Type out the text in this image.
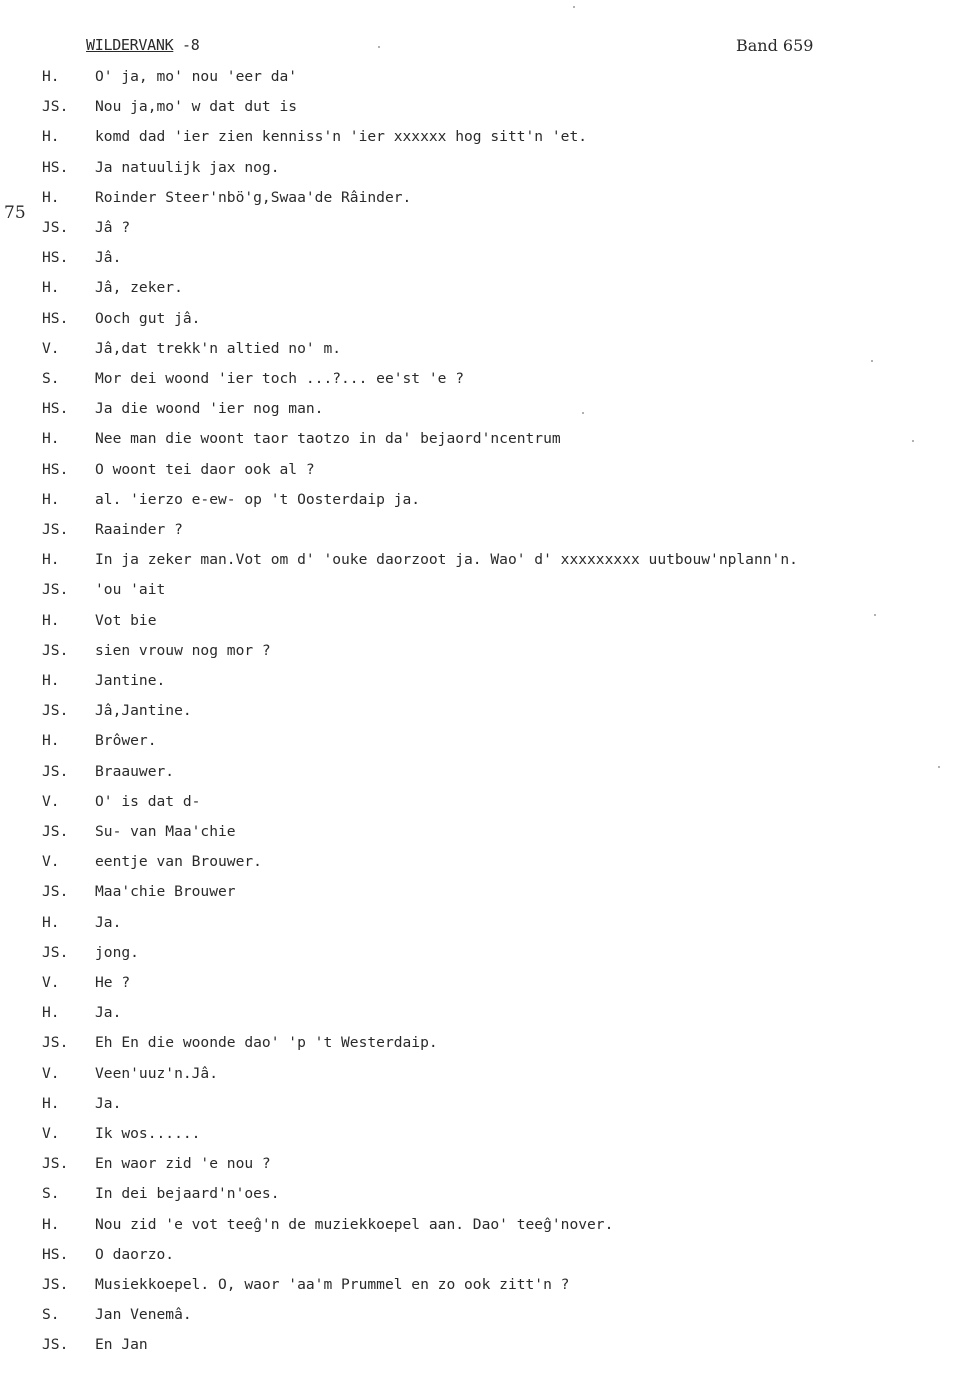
WILDERVANK -8	Band 659
75
H. O' ja, mo' nou 'eer da'
JS. Nou ja,mo' w dat dut is
H. komd dad 'ier zien kenniss'n 'ier xxxxxx hog sitt'n 'et.
HS. Ja natuulijk jax nog.
H. Roinder Steer'nbö'g,Swaa'de Râinder.
JS. Jâ ?
HS. Jâ.
H. Jâ, zeker.
HS. Ooch gut jâ.
V. Jâ,dat trekk'n altied no' m.
S. Mor dei woond 'ier toch ...?... ee'st 'e ?
HS. Ja die woond 'ier nog man.
H. Nee man die woont taor taotzo in da' bejaord'ncentrum
HS. O woont tei daor ook al ?
H. al. 'ierzo e-ew- op 't Oosterdaip ja.
JS. Raainder ?
H. In ja zeker man.Vot om d' 'ouke daorzoot ja. Wao' d' xxxxxxxxx uutbouw'nplann'n.
JS. 'ou 'ait
H. Vot bie
JS. sien vrouw nog mor ?
H. Jantine.
JS. Jâ,Jantine.
H. Brôwer.
JS. Braauwer.
V. O' is dat d-
JS. Su- van Maa'chie
V. eentje van Brouwer.
JS. Maa'chie Brouwer
H. Ja.
JS. jong.
V. He ?
H. Ja.
JS. Eh En die woonde dao' 'p 't Westerdaip.
V. Veen'uuz'n.Jâ.
H. Ja.
V. Ik wos......
JS. En waor zid 'e nou ?
S. In dei bejaard'n'oes.
H. Nou zid 'e vot teeĝ'n de muziekkoepel aan. Dao' teeĝ'nover.
HS. O daorzo.
JS. Musiekkoepel. O, waor 'aa'm Prummel en zo ook zitt'n ?
S. Jan Venemâ.
JS. En Jan
